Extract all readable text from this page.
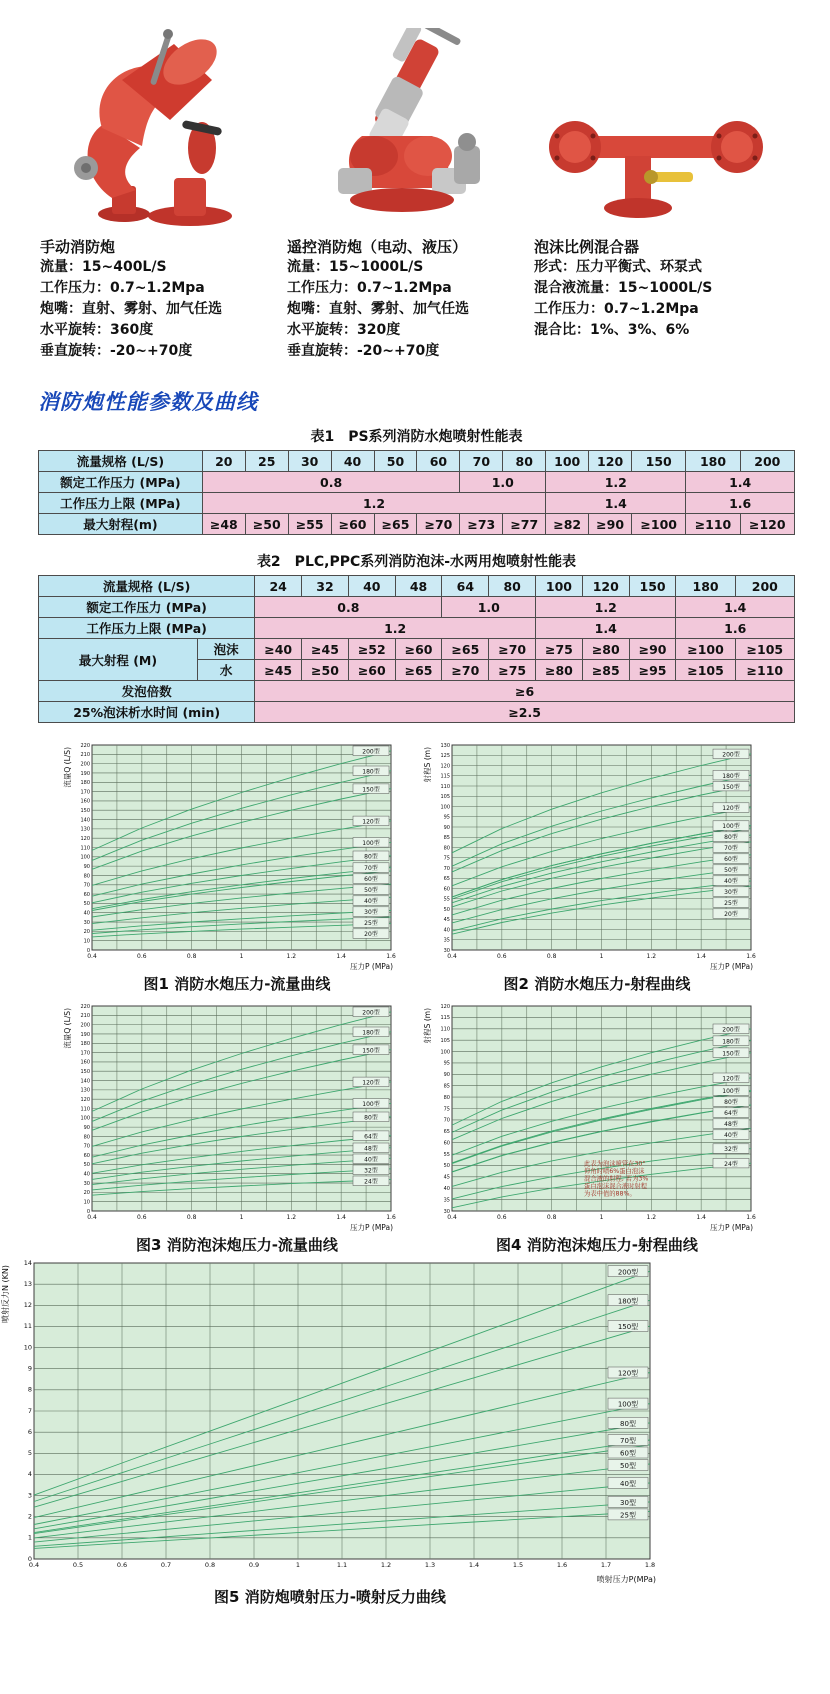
手动消防炮
流量：15~400L/S
工作压力：0.7~1.2Mpa
炮嘴：直射、雾射、加气任选
水平旋转：360度
垂直旋转：-20~+70度
遥控消防炮（电动、液压）
流量：15~1000L/S
工作压力：0.7~1.2Mpa
炮嘴：直射、雾射、加气任选
水平旋转：320度
垂直旋转：-20~+70度
泡沫比例混合器
形式：压力平衡式、环泵式
混合液流量：15~1000L/S
工作压力：0.7~1.2Mpa
混合比：1%、3%、6%
消防炮性能参数及曲线
表1　PS系列消防水炮喷射性能表
流量规格 (L/S)	20	25	30	40	50	60	70	80	100	120	150	180	200
额定工作压力 (MPa)	0.8						1.0		1.2			1.4	
工作压力上限 (MPa)	1.2								1.4			1.6	
最大射程(m)	≥48	≥50	≥55	≥60	≥65	≥70	≥73	≥77	≥82	≥90	≥100	≥110	≥120
表2　PLC,PPC系列消防泡沫-水两用炮喷射性能表
流量规格 (L/S)		24	32	40	48	64	80	100	120	150	180	200
额定工作压力 (MPa)		0.8				1.0		1.2			1.4	
工作压力上限 (MPa)		1.2						1.4			1.6	
最大射程 (M)	泡沫	≥40	≥45	≥52	≥60	≥65	≥70	≥75	≥80	≥90	≥100	≥105
	水	≥45	≥50	≥60	≥65	≥70	≥75	≥80	≥85	≥95	≥105	≥110
发泡倍数		≥6										
25%泡沫析水时间 (min)		≥2.5										
0
10
20
30
40
50
60
70
80
90
100
110
120
130
140
150
160
170
180
190
200
210
220
0.4	0.6	0.8	1	1.2	1.4	1.6
200型
180型
150型
120型
100型
80型
70型
60型
50型
40型
30型
25型
20型
压力P (MPa)
流量Q (L/S)
图1 消防水炮压力-流量曲线
30
35
40
45
50
55
60
65
70
75
80
85
90
95
100
105
110
115
120
125
130
0.4	0.6	0.8	1	1.2	1.4	1.6
200型
180型
150型
120型
100型
80型
70型
60型
50型
40型
30型
25型
20型
压力P (MPa)
射程S (m)
图2 消防水炮压力-射程曲线
0
10
20
30
40
50
60
70
80
90
100
110
120
130
140
150
160
170
180
190
200
210
220
0.4	0.6	0.8	1	1.2	1.4	1.6
200型
180型
150型
120型
100型
80型
64型
48型
40型
32型
24型
压力P (MPa)
流量Q (L/S)
图3 消防泡沫炮压力-流量曲线
30
35
40
45
50
55
60
65
70
75
80
85
90
95
100
105
110
115
120
0.4	0.6	0.8	1	1.2	1.4	1.6
200型
180型
150型
120型
100型
80型
64型
48型
40型
32型
24型
此表为泡沫喷管在30°
仰角时喷6%蛋白泡沫
混合液的射程, 若为3%
蛋白泡沫混合液时射程
为表中值的88%。
压力P (MPa)
射程S (m)
图4 消防泡沫炮压力-射程曲线
0
1
2
3
4
5
6
7
8
9
10
11
12
13
14
0.4	0.5	0.6	0.7	0.8	0.9	1	1.1	1.2	1.3	1.4	1.5	1.6	1.7	1.8
200型
180型
150型
120型
100型
80型
70型
60型
50型
40型
30型
25型
喷射压力P(MPa)
喷射反力N (KN)
图5 消防炮喷射压力-喷射反力曲线
